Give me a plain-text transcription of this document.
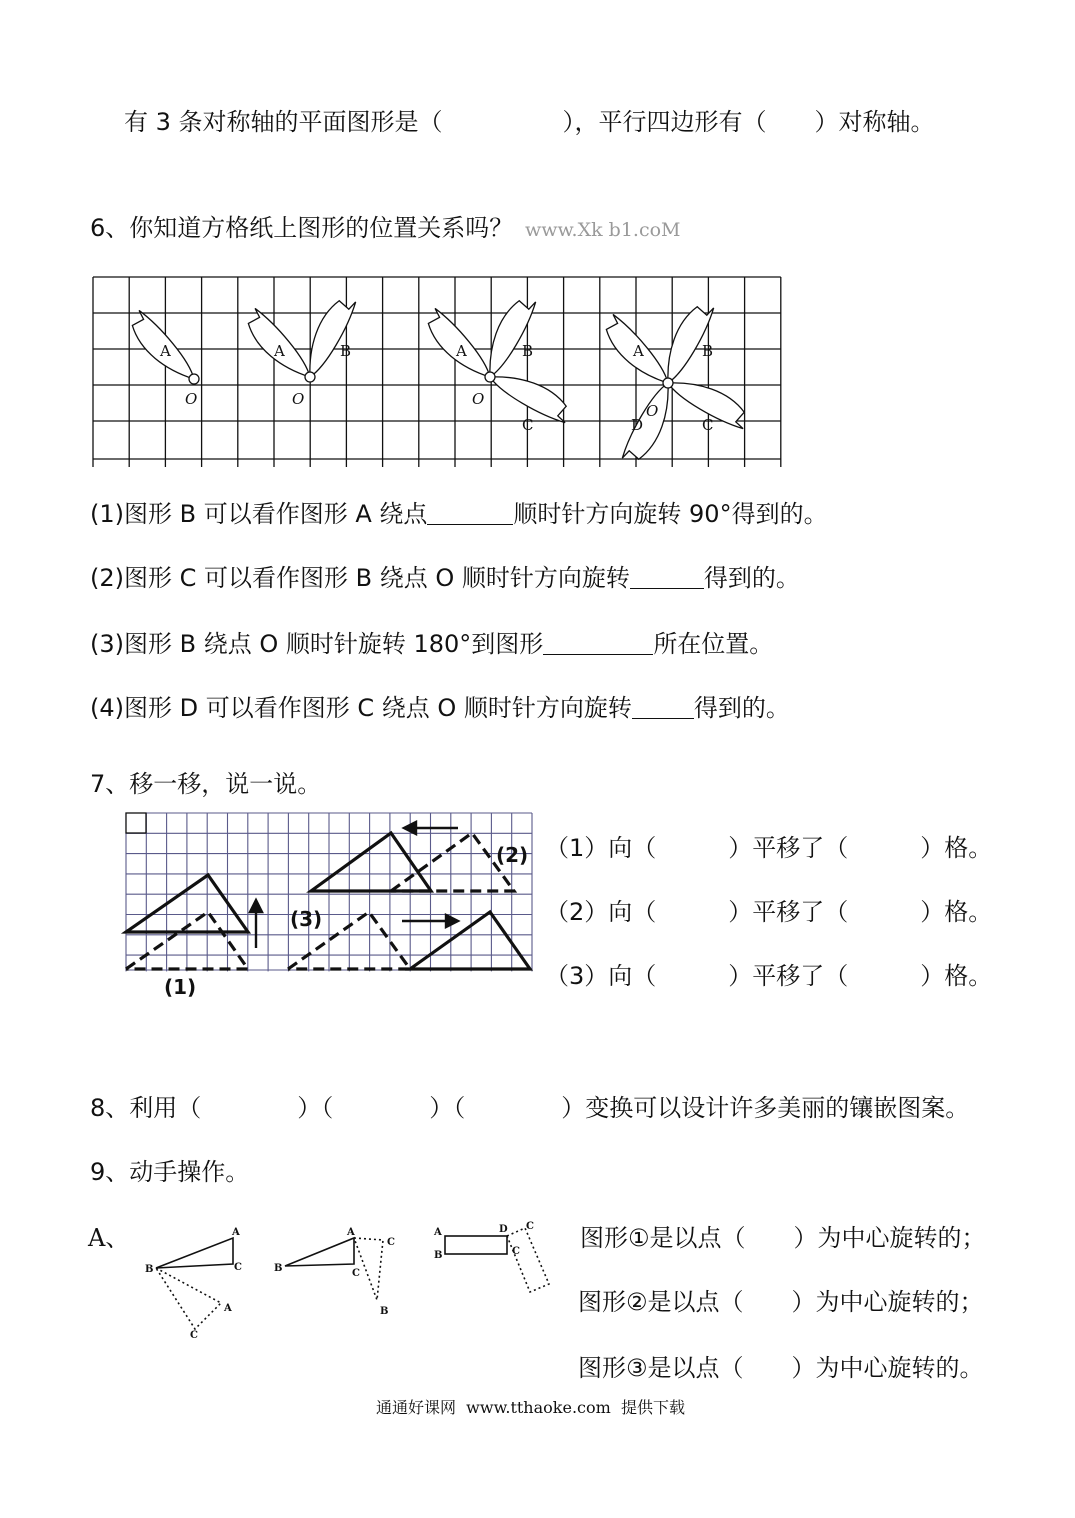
有 3 条对称轴的平面图形是（　　　　　），平行四边形有（　　）对称轴。
6、你知道方格纸上图形的位置关系吗？ www.Xk b1.coM
A	A	B	A	B
C
A	B
C
D
O	O	O
O
(1)图形 B 可以看作图形 A 绕点	顺时针方向旋转 90°得到的。
(2)图形 C 可以看作图形 B 绕点 O 顺时针方向旋转	得到的。
(3)图形 B 绕点 O 顺时针旋转 180°到图形	所在位置。
(4)图形 D 可以看作图形 C 绕点 O 顺时针方向旋转	得到的。
7、移一移，说一说。
(1)
(2)
(3)
（1）向（　　　）平移了（　　　）格。
（2）向（　　　）平移了（　　　）格。
（3）向（　　　）平移了（　　　）格。
8、利用（　　　　）（　　　　）（　　　　）变换可以设计许多美丽的镶嵌图案。
9、动手操作。
A、	A
B	C
A
C
A
B	C
C
B
A
B
D C
C	图形①是以点（　　）为中心旋转的；
图形②是以点（　　）为中心旋转的；
图形③是以点（　　）为中心旋转的。
通通好课网  www.tthaoke.com  提供下载
